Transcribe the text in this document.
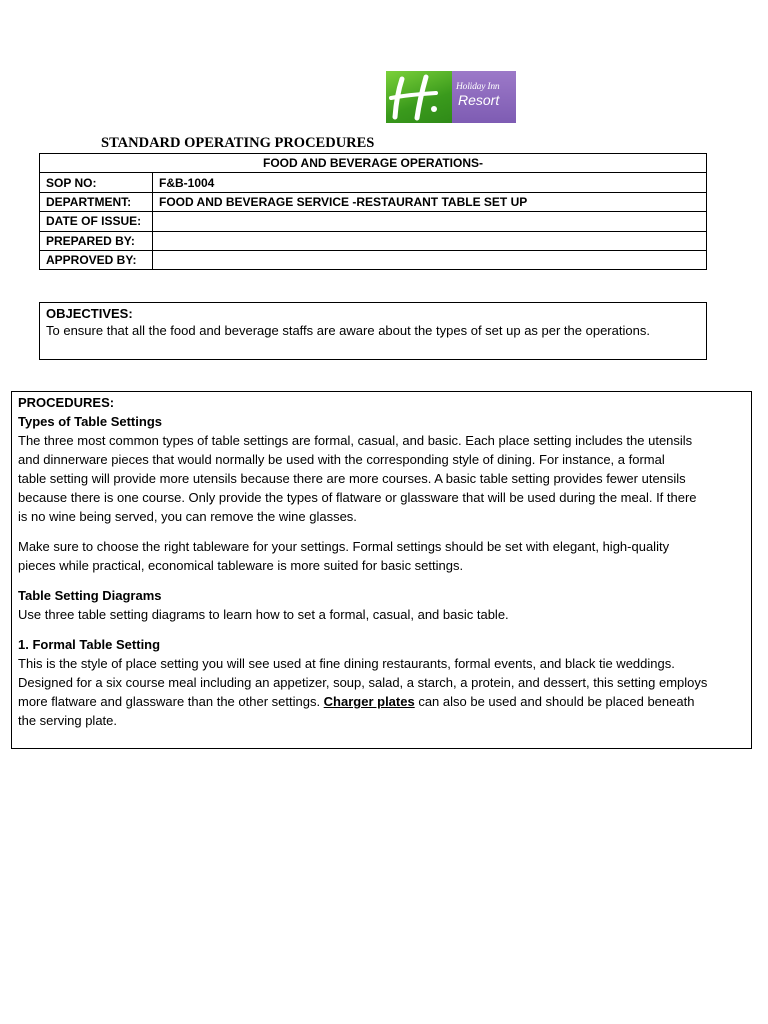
Holiday Inn
Resort
STANDARD OPERATING PROCEDURES
FOOD AND BEVERAGE OPERATIONS-	
SOP NO:	F&B-1004
DEPARTMENT:	FOOD AND BEVERAGE SERVICE -RESTAURANT TABLE SET UP
DATE OF ISSUE:	
PREPARED BY:	
APPROVED BY:	

OBJECTIVES:

To ensure that all the food and beverage staffs are aware about the types of set up as per the operations.

PROCEDURES:

Types of Table Settings

The three most common types of table settings are formal, casual, and basic. Each place setting includes the utensils

and dinnerware pieces that would normally be used with the corresponding style of dining. For instance, a formal

table setting will provide more utensils because there are more courses. A basic table setting provides fewer utensils

because there is one course. Only provide the types of flatware or glassware that will be used during the meal. If there

is no wine being served, you can remove the wine glasses.

Make sure to choose the right tableware for your settings. Formal settings should be set with elegant, high-quality

pieces while practical, economical tableware is more suited for basic settings.

Table Setting Diagrams

Use three table setting diagrams to learn how to set a formal, casual, and basic table.

1. Formal Table Setting

This is the style of place setting you will see used at fine dining restaurants, formal events, and black tie weddings.

Designed for a six course meal including an appetizer, soup, salad, a starch, a protein, and dessert, this setting employs

more flatware and glassware than the other settings. Charger plates can also be used and should be placed beneath

the serving plate.
